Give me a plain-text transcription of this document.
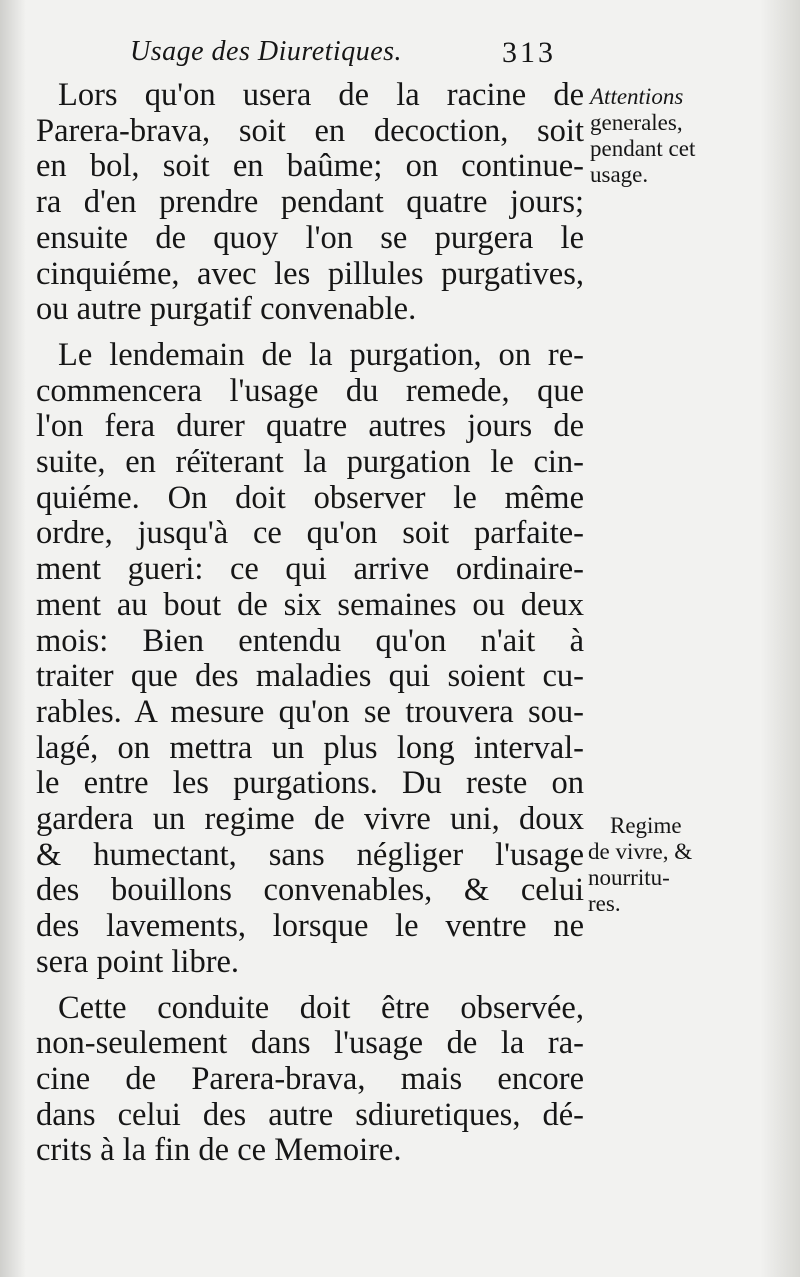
Usage des Diuretiques.	313
Lors qu'on usera de la racine de
Parera-brava, soit en decoction, soit
en bol, soit en baûme; on continue-
ra d'en prendre pendant quatre jours;
ensuite de quoy l'on se purgera le
cinquiéme, avec les pillules purgatives,
ou autre purgatif convenable.
Le lendemain de la purgation, on re-
commencera l'usage du remede, que
l'on fera durer quatre autres jours de
suite, en réïterant la purgation le cin-
quiéme. On doit observer le même
ordre, jusqu'à ce qu'on soit parfaite-
ment gueri: ce qui arrive ordinaire-
ment au bout de six semaines ou deux
mois: Bien entendu qu'on n'ait à
traiter que des maladies qui soient cu-
rables. A mesure qu'on se trouvera sou-
lagé, on mettra un plus long interval-
le entre les purgations. Du reste on
gardera un regime de vivre uni, doux
& humectant, sans négliger l'usage
des bouillons convenables, & celui
des lavements, lorsque le ventre ne
sera point libre.
Cette conduite doit être observée,
non-seulement dans l'usage de la ra-
cine de Parera-brava, mais encore
dans celui des autre sdiuretiques, dé-
crits à la fin de ce Memoire.
Attentions
generales,
pendant cet
usage.
Regime
de vivre, &
nourritu-
res.
